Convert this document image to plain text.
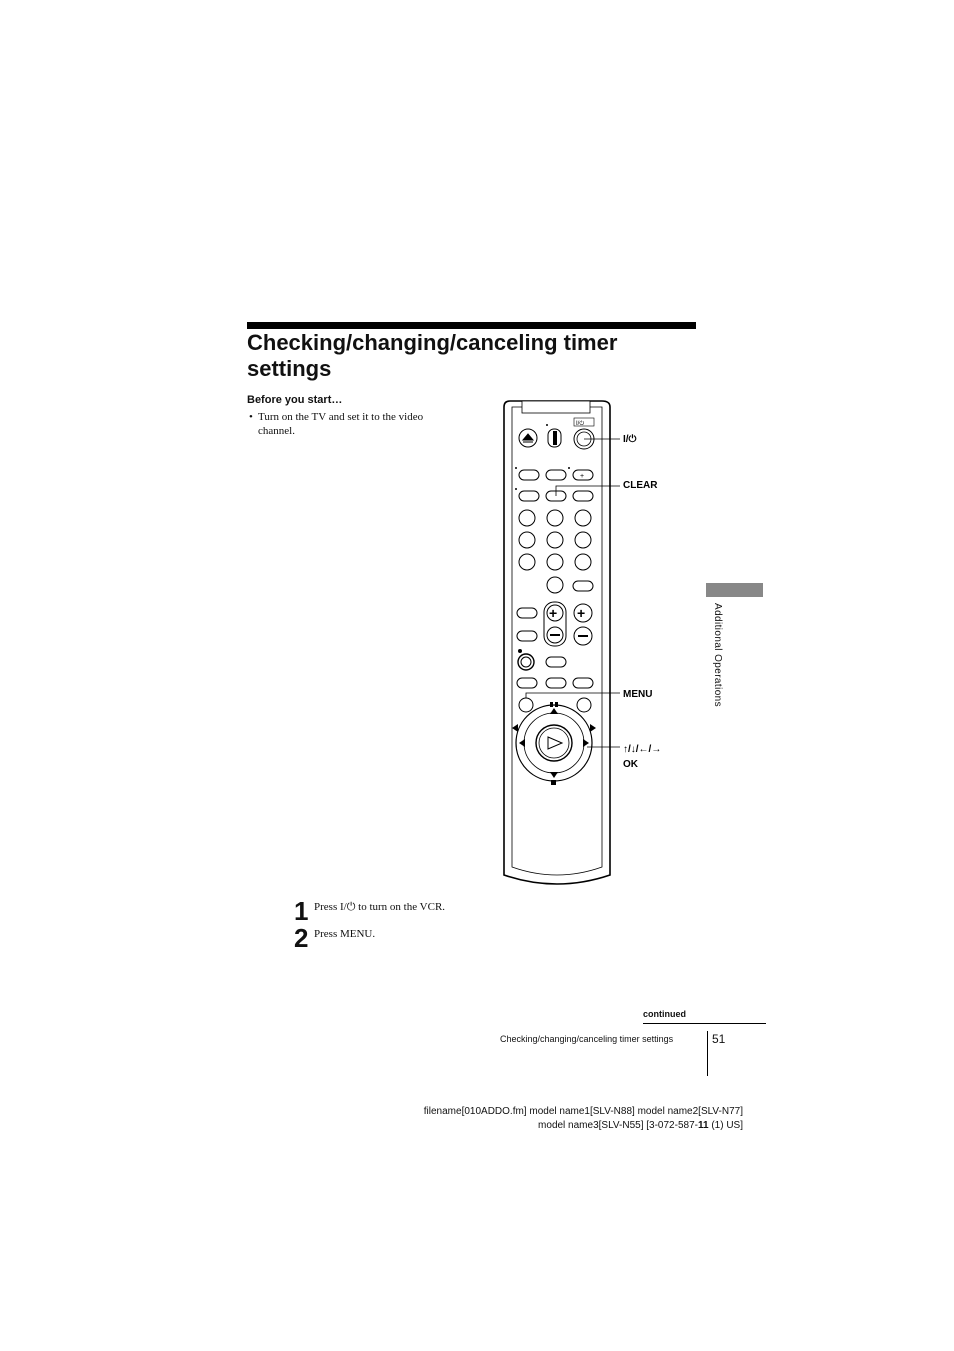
Checking/changing/canceling timer settings
Before you start…
• Turn on the TV and set it to the video channel.
Additional Operations
1 Press I/⏻ to turn on the VCR.
2 Press MENU.
continued
Checking/changing/canceling timer settings	51
filename[010ADDO.fm] model name1[SLV-N88] model name2[SLV-N77]
model name3[SLV-N55] [3-072-587-11 (1) US]
I/⏻
+
+ +
I/⏻
CLEAR
MENU
↑/↓/←/→
OK
